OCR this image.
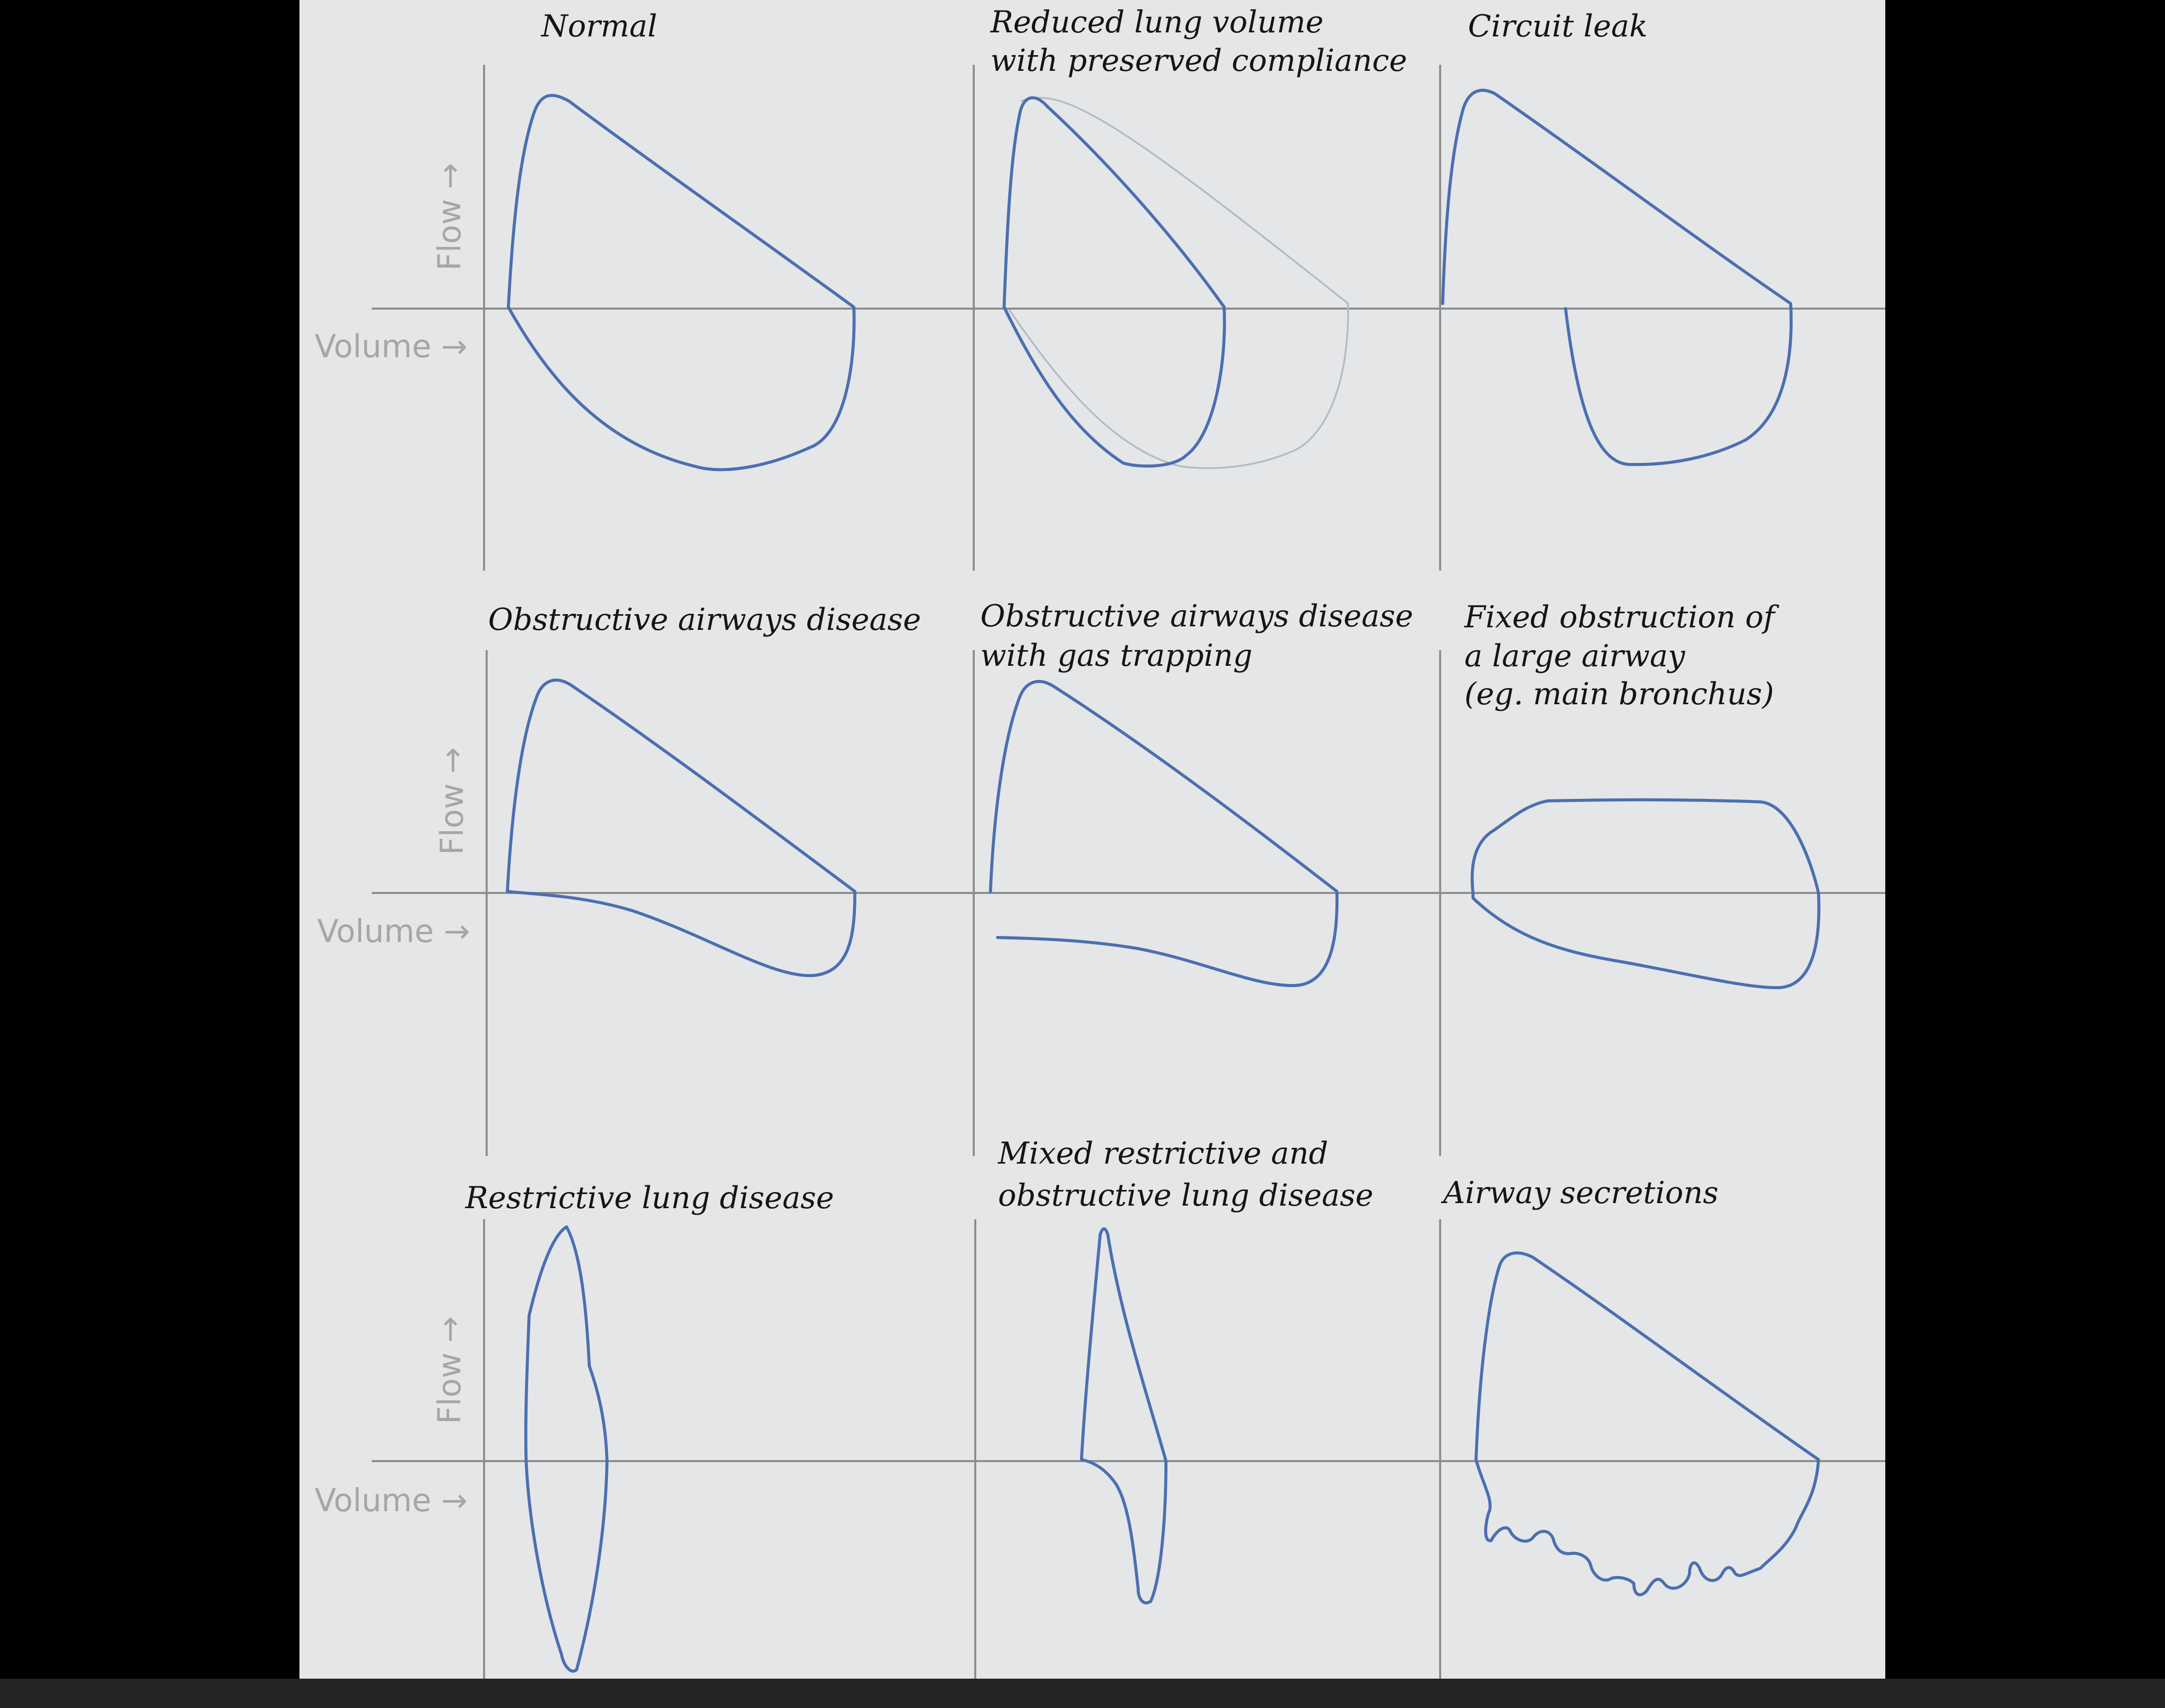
Flow →
Volume →
Flow →
Volume →
Flow →
Volume →
Normal	Reduced lung volume with preserved compliance
Circuit leak
Obstructive airways disease Obstructive airways disease with gas trapping
Fixed obstruction of a large airway (eg. main bronchus)
Restrictive lung disease
Mixed restrictive and obstructive lung disease Airway secretions
